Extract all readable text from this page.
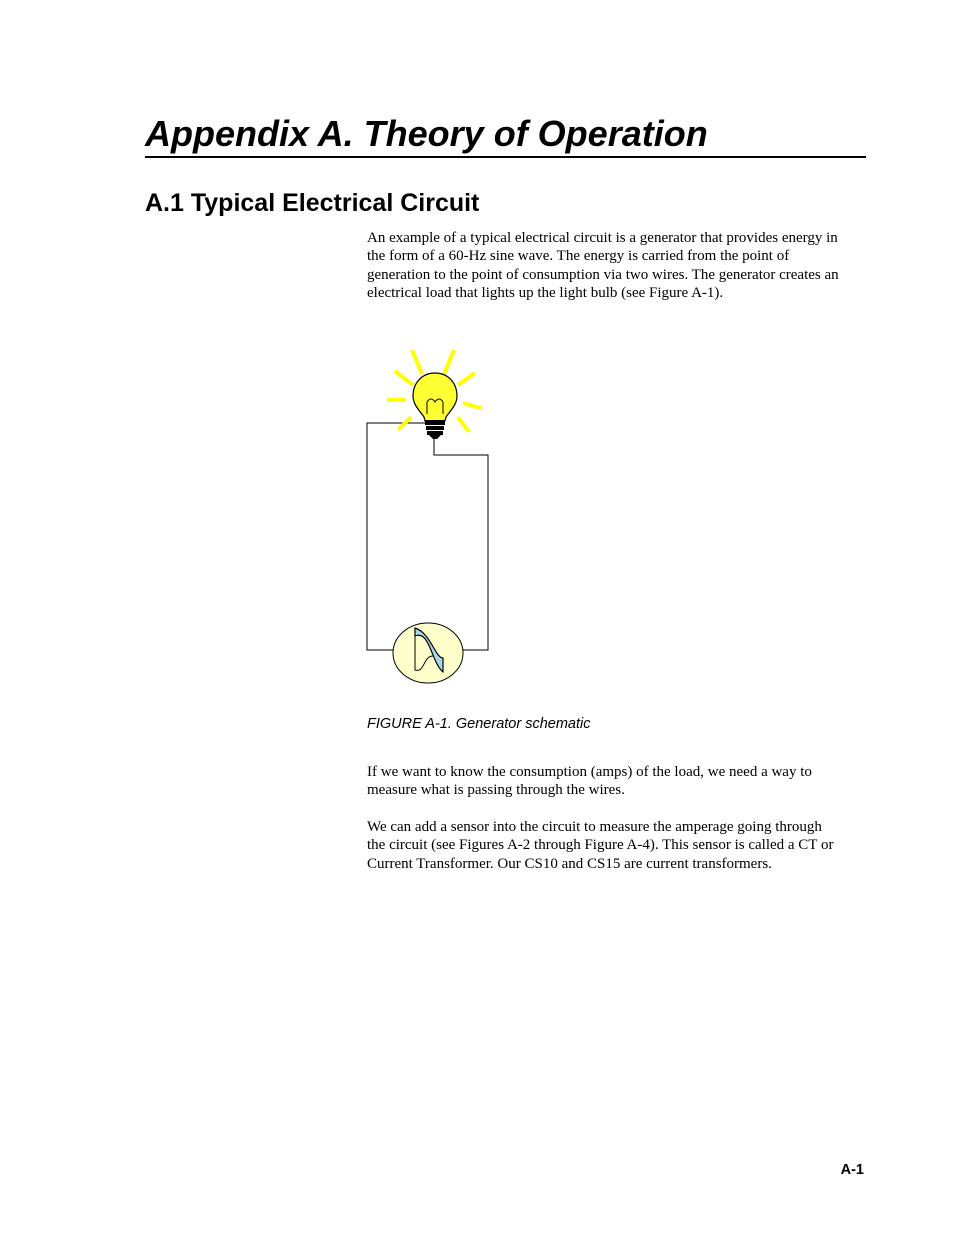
Appendix A. Theory of Operation
A.1 Typical Electrical Circuit

An example of a typical electrical circuit is a generator that provides energy in
the form of a 60-Hz sine wave. The energy is carried from the point of
generation to the point of consumption via two wires. The generator creates an
electrical load that lights up the light bulb (see Figure A-1).

FIGURE A-1. Generator schematic

If we want to know the consumption (amps) of the load, we need a way to
measure what is passing through the wires.

We can add a sensor into the circuit to measure the amperage going through
the circuit (see Figures A-2 through Figure A-4). This sensor is called a CT or
Current Transformer. Our CS10 and CS15 are current transformers.

A-1
